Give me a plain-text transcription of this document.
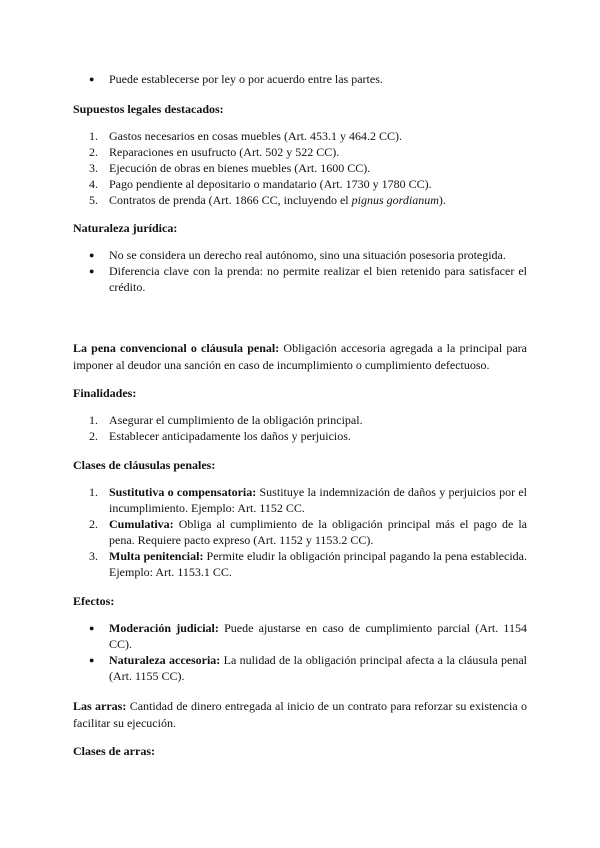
● Puede establecerse por ley o por acuerdo entre las partes.
Supuestos legales destacados:
1. Gastos necesarios en cosas muebles (Art. 453.1 y 464.2 CC).
2. Reparaciones en usufructo (Art. 502 y 522 CC).
3. Ejecución de obras en bienes muebles (Art. 1600 CC).
4. Pago pendiente al depositario o mandatario (Art. 1730 y 1780 CC).
5. Contratos de prenda (Art. 1866 CC, incluyendo el pignus gordianum).
Naturaleza jurídica:
● No se considera un derecho real autónomo, sino una situación posesoria protegida.
● Diferencia clave con la prenda: no permite realizar el bien retenido para satisfacer el crédito.
La pena convencional o cláusula penal: Obligación accesoria agregada a la principal para imponer al deudor una sanción en caso de incumplimiento o cumplimiento defectuoso.
Finalidades:
1. Asegurar el cumplimiento de la obligación principal.
2. Establecer anticipadamente los daños y perjuicios.
Clases de cláusulas penales:
1. Sustitutiva o compensatoria: Sustituye la indemnización de daños y perjuicios por el incumplimiento. Ejemplo: Art. 1152 CC.
2. Cumulativa: Obliga al cumplimiento de la obligación principal más el pago de la pena. Requiere pacto expreso (Art. 1152 y 1153.2 CC).
3. Multa penitencial: Permite eludir la obligación principal pagando la pena establecida. Ejemplo: Art. 1153.1 CC.
Efectos:
● Moderación judicial: Puede ajustarse en caso de cumplimiento parcial (Art. 1154 CC).
● Naturaleza accesoria: La nulidad de la obligación principal afecta a la cláusula penal (Art. 1155 CC).
Las arras: Cantidad de dinero entregada al inicio de un contrato para reforzar su existencia o facilitar su ejecución.
Clases de arras:
